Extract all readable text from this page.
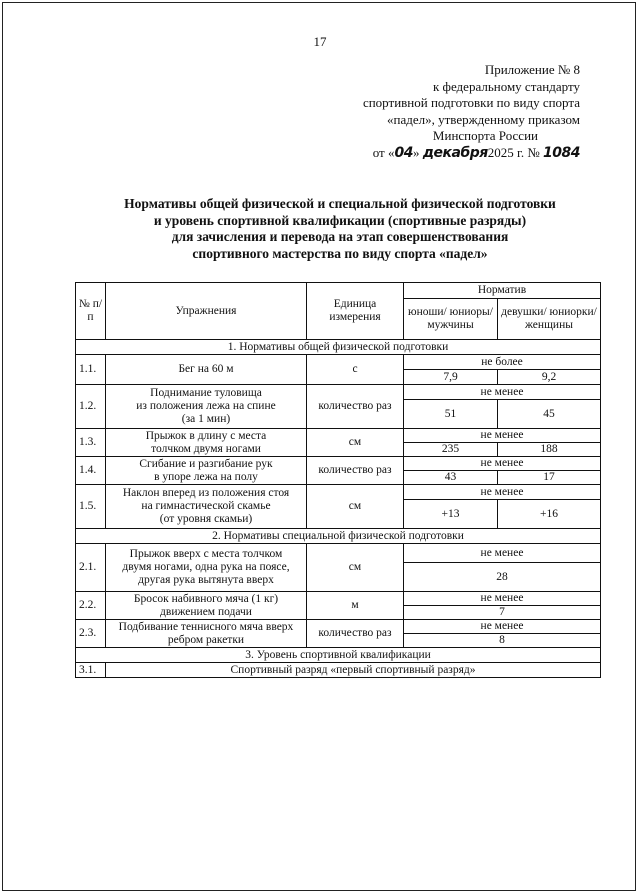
17
Приложение № 8
к федеральному стандарту
спортивной подготовки по виду спорта
«падел», утвержденному приказом
Минспорта России
от «04» декабря2025 г. № 1084
Нормативы общей физической и специальной физической подготовки
и уровень спортивной квалификации (спортивные разряды)
для зачисления и перевода на этап совершенствования
спортивного мастерства по виду спорта «падел»
№ п/п	Упражнения	Единица измерения	Норматив	
			юноши/ юниоры/ мужчины	девушки/ юниорки/ женщины
1. Нормативы общей физической подготовки				
1.1.	Бег на 60 м	с	не более	
			7,9	9,2
1.2.	Поднимание туловища
из положения лежа на спине
(за 1 мин)	количество раз	не менее	
			51	45
1.3.	Прыжок в длину с места
толчком двумя ногами	см	не менее	
			235	188
1.4.	Сгибание и разгибание рук
в упоре лежа на полу	количество раз	не менее	
			43	17
1.5.	Наклон вперед из положения стоя
на гимнастической скамье
(от уровня скамьи)	см	не менее	
			+13	+16
2. Нормативы специальной физической подготовки				
2.1.	Прыжок вверх с места толчком
двумя ногами, одна рука на поясе,
другая рука вытянута вверх	см	не менее	
			28	
2.2.	Бросок набивного мяча (1 кг)
движением подачи	м	не менее	
			7	
2.3.	Подбивание теннисного мяча вверх
ребром ракетки	количество раз	не менее	
			8	
3. Уровень спортивной квалификации				
3.1.	Спортивный разряд «первый спортивный разряд»			
